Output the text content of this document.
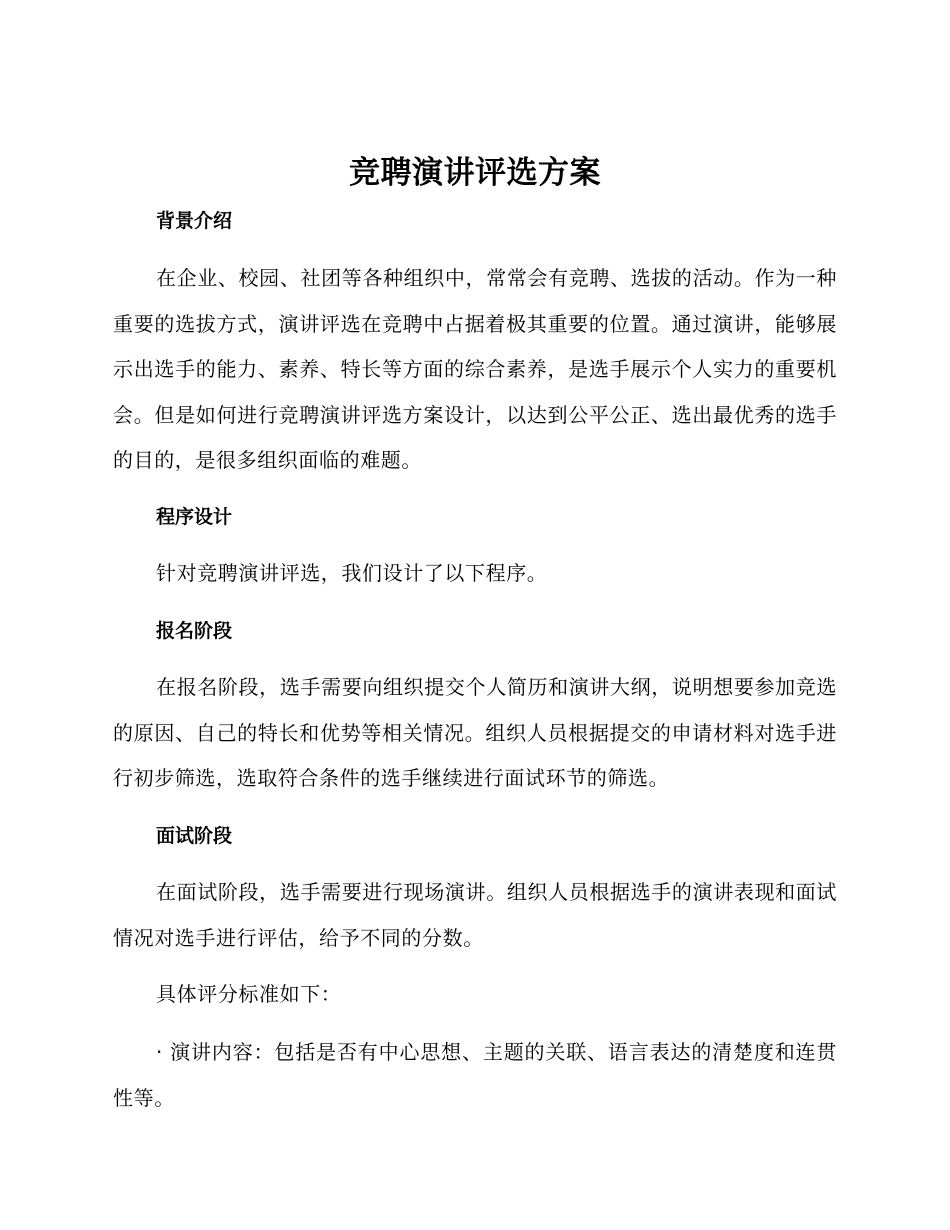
竞聘演讲评选方案
背景介绍

在企业、校园、社团等各种组织中，常常会有竞聘、选拔的活动。作为一种重要的选拔方式，演讲评选在竞聘中占据着极其重要的位置。通过演讲，能够展示出选手的能力、素养、特长等方面的综合素养，是选手展示个人实力的重要机会。但是如何进行竞聘演讲评选方案设计，以达到公平公正、选出最优秀的选手的目的，是很多组织面临的难题。

程序设计

针对竞聘演讲评选，我们设计了以下程序。

报名阶段

在报名阶段，选手需要向组织提交个人简历和演讲大纲，说明想要参加竞选的原因、自己的特长和优势等相关情况。组织人员根据提交的申请材料对选手进行初步筛选，选取符合条件的选手继续进行面试环节的筛选。

面试阶段

在面试阶段，选手需要进行现场演讲。组织人员根据选手的演讲表现和面试情况对选手进行评估，给予不同的分数。

具体评分标准如下：

· 演讲内容：包括是否有中心思想、主题的关联、语言表达的清楚度和连贯性等。
